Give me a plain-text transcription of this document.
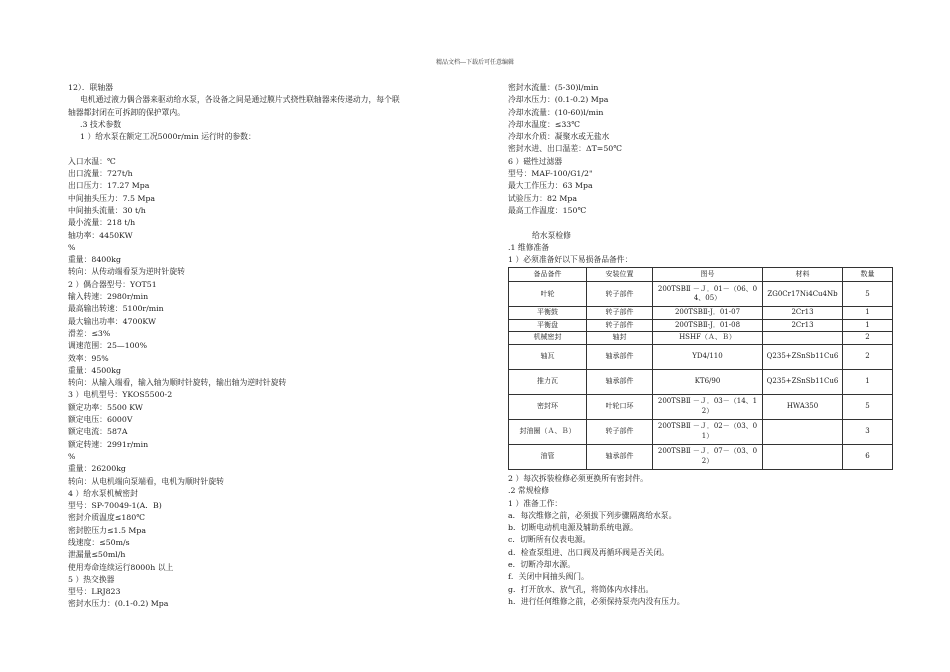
精品文档---下载后可任意编辑
12）．联轴器
电机通过液力偶合器来驱动给水泵，各设备之间是通过膜片式挠性联轴器来传递动力，每个联
轴器都封闭在可拆卸的保护罩内。
.3 技术参数
1 ）给水泵在额定工况5000r/min 运行时的参数：
入口水温：℃
出口流量：727t/h
出口压力：17.27 Mpa
中间抽头压力：7.5 Mpa
中间抽头流量：30 t/h
最小流量：218 t/h
轴功率：4450KW
%
重量：8400kg
转向：从传动端看泵为逆时针旋转
2 ）偶合器型号：YOT51
输入转速：2980r/min
最高输出转速：5100r/min
最大输出功率：4700KW
滑差：≤3%
调速范围：25—100%
效率：95%
重量：4500kg
转向：从输入端看，输入轴为顺时针旋转，输出轴为逆时针旋转
3 ）电机型号：YKOS5500-2
额定功率：5500 KW
额定电压：6000V
额定电流：587A
额定转速：2991r/min
%
重量：26200kg
转向：从电机端向泵端看，电机为顺时针旋转
4 ）给水泵机械密封
型号：SP-70049-1(A．B)
密封介质温度≤180℃
密封腔压力≤1.5 Mpa
线速度：≤50m/s
泄漏量≤50ml/h
使用寿命连续运行8000h 以上
5 ）热交换器
型号：LRJ823
密封水压力：(0.1-0.2) Mpa
密封水流量：(5-30)l/min
冷却水压力：(0.1-0.2) Mpa
冷却水流量：(10-60)l/min
冷却水温度：≤33℃
冷却水介质：凝聚水或无盐水
密封水进、出口温差：ΔT=50℃
6 ）磁性过滤器
型号：MAF-100/G1/2"
最大工作压力：63 Mpa
试验压力：82 Mpa
最高工作温度：150℃
给水泵检修
.1 维修准备
1 ）必须准备好以下易损备品备件：
备品备件	安装位置	图号	材料	数量
叶轮	转子部件	200TSBⅡ －Ｊ．01－（06、04、05）	ZG0Cr17Ni4Cu4Nb	5
平衡鼓	转子部件	200TSBⅡ-J．01-07	2Cr13	1
平衡盘	转子部件	200TSBⅡ-J．01-08	2Cr13	1
机械密封	轴封	HSHF（Ａ、Ｂ）		2
轴瓦	轴承部件	YD4/110	Q235+ZSnSb11Cu6	2
推力瓦	轴承部件	KT6/90	Q235+ZSnSb11Cu6	1
密封环	叶轮口环	200TSBⅡ －Ｊ．03－（14、12）	HWA350	5
封油圈（Ａ、Ｂ）	转子部件	200TSBⅡ －Ｊ．02－（03、01）		3
油管	轴承部件	200TSBⅡ －Ｊ．07－（03、02）		6
2 ）每次拆装检修必须更换所有密封件。
.2 常规检修
1 ）准备工作：
a．每次维修之前，必须拔下列步骤隔离给水泵。
b．切断电动机电源及辅助系统电源。
c．切断所有仪表电源。
d．检查泵组进、出口阀及再循环阀是否关闭。
e．切断冷却水源。
f．关闭中间抽头阀门。
g．打开放水、放气孔，将筒体内水排出。
h．进行任何维修之前，必须保持泵壳内没有压力。
